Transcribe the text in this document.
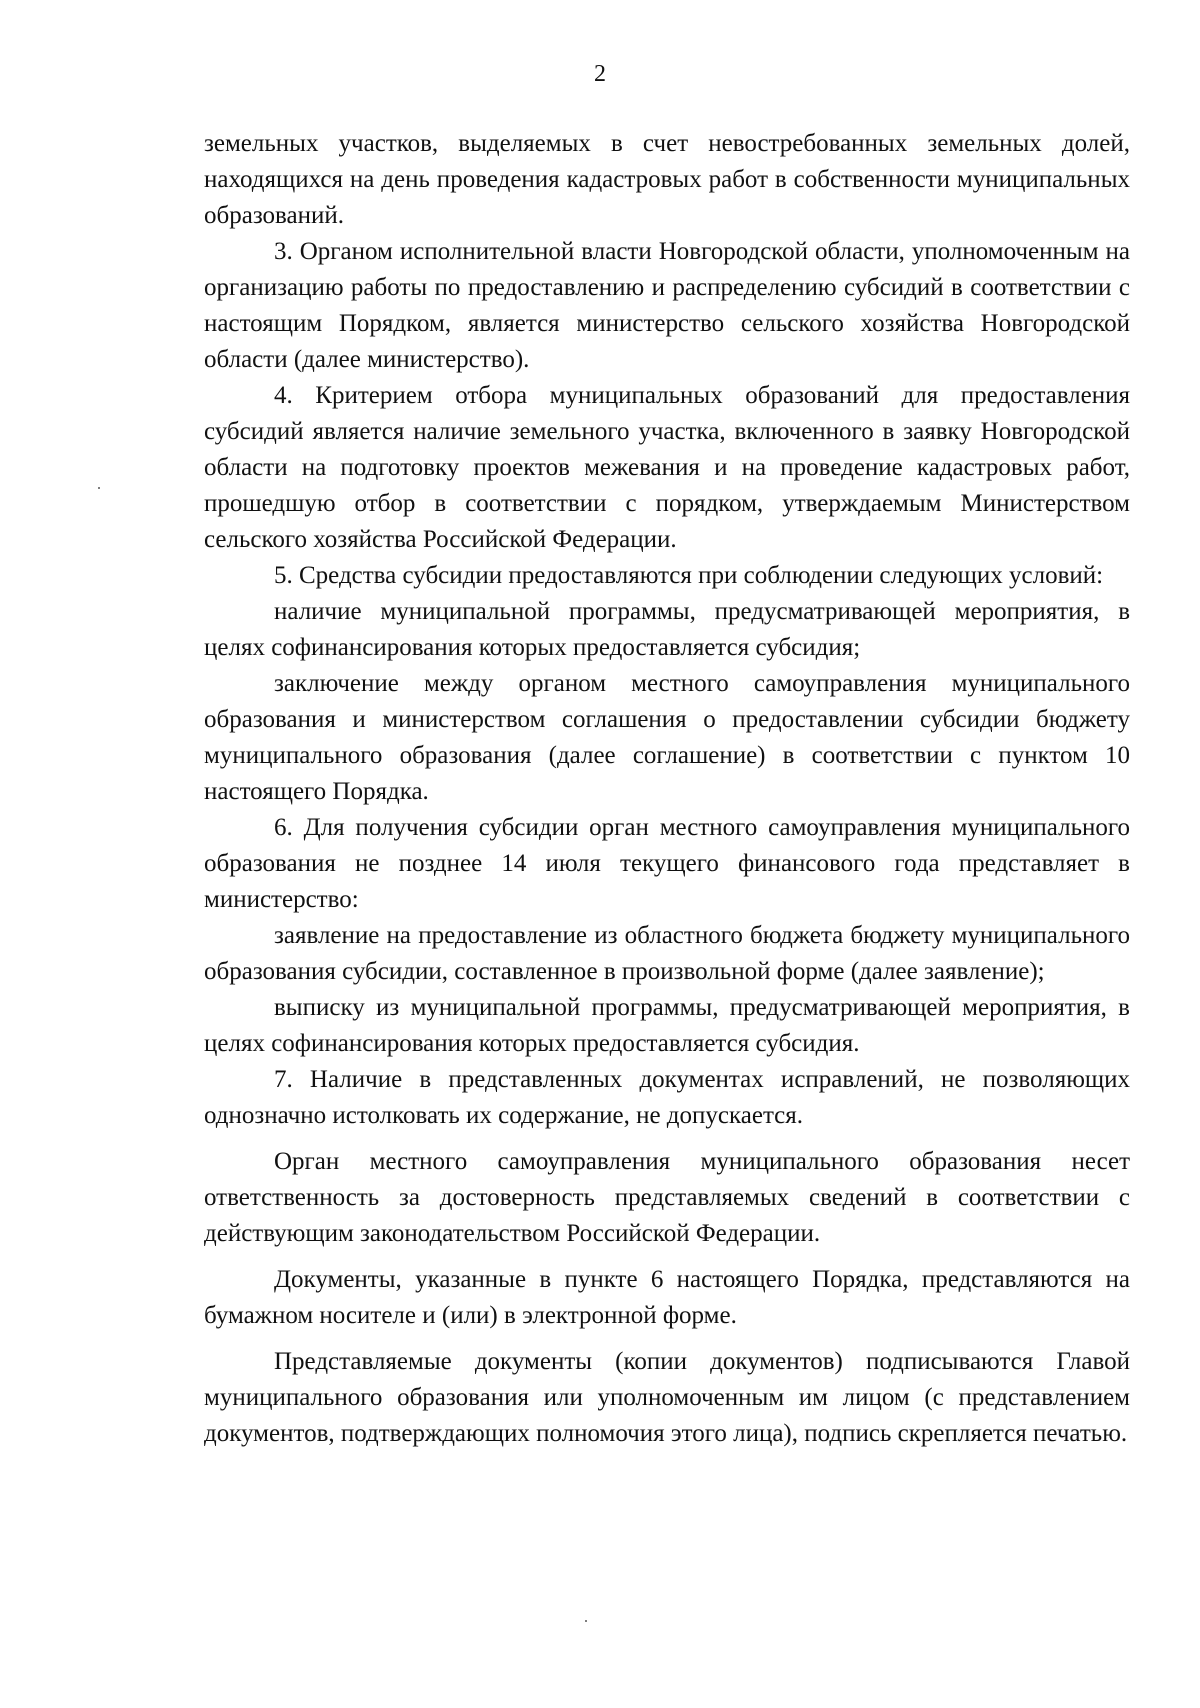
2

земельных участков, выделяемых в счет невостребованных земельных долей, находящихся на день проведения кадастровых работ в собственности муниципальных образований.

3. Органом исполнительной власти Новгородской области, уполномоченным на организацию работы по предоставлению и распределению субсидий в соответствии с настоящим Порядком, является министерство сельского хозяйства Новгородской области (далее министерство).

4. Критерием отбора муниципальных образований для предоставления субсидий является наличие земельного участка, включенного в заявку Новгородской области на подготовку проектов межевания и на проведение кадастровых работ, прошедшую отбор в соответствии с порядком, утверждаемым Министерством сельского хозяйства Российской Федерации.

5. Средства субсидии предоставляются при соблюдении следующих условий:

наличие муниципальной программы, предусматривающей мероприятия, в целях софинансирования которых предоставляется субсидия;

заключение между органом местного самоуправления муниципального образования и министерством соглашения о предоставлении субсидии бюджету муниципального образования (далее соглашение) в соответствии с пунктом 10 настоящего Порядка.

6. Для получения субсидии орган местного самоуправления муниципального образования не позднее 14 июля текущего финансового года представляет в министерство:

заявление на предоставление из областного бюджета бюджету муниципального образования субсидии, составленное в произвольной форме (далее заявление);

выписку из муниципальной программы, предусматривающей мероприятия, в целях софинансирования которых предоставляется субсидия.

7. Наличие в представленных документах исправлений, не позволяющих однозначно истолковать их содержание, не допускается.

Орган местного самоуправления муниципального образования несет ответственность за достоверность представляемых сведений в соответствии с действующим законодательством Российской Федерации.

Документы, указанные в пункте 6 настоящего Порядка, представляются на бумажном носителе и (или) в электронной форме.

Представляемые документы (копии документов) подписываются Главой муниципального образования или уполномоченным им лицом (с представлением документов, подтверждающих полномочия этого лица), подпись скрепляется печатью.
